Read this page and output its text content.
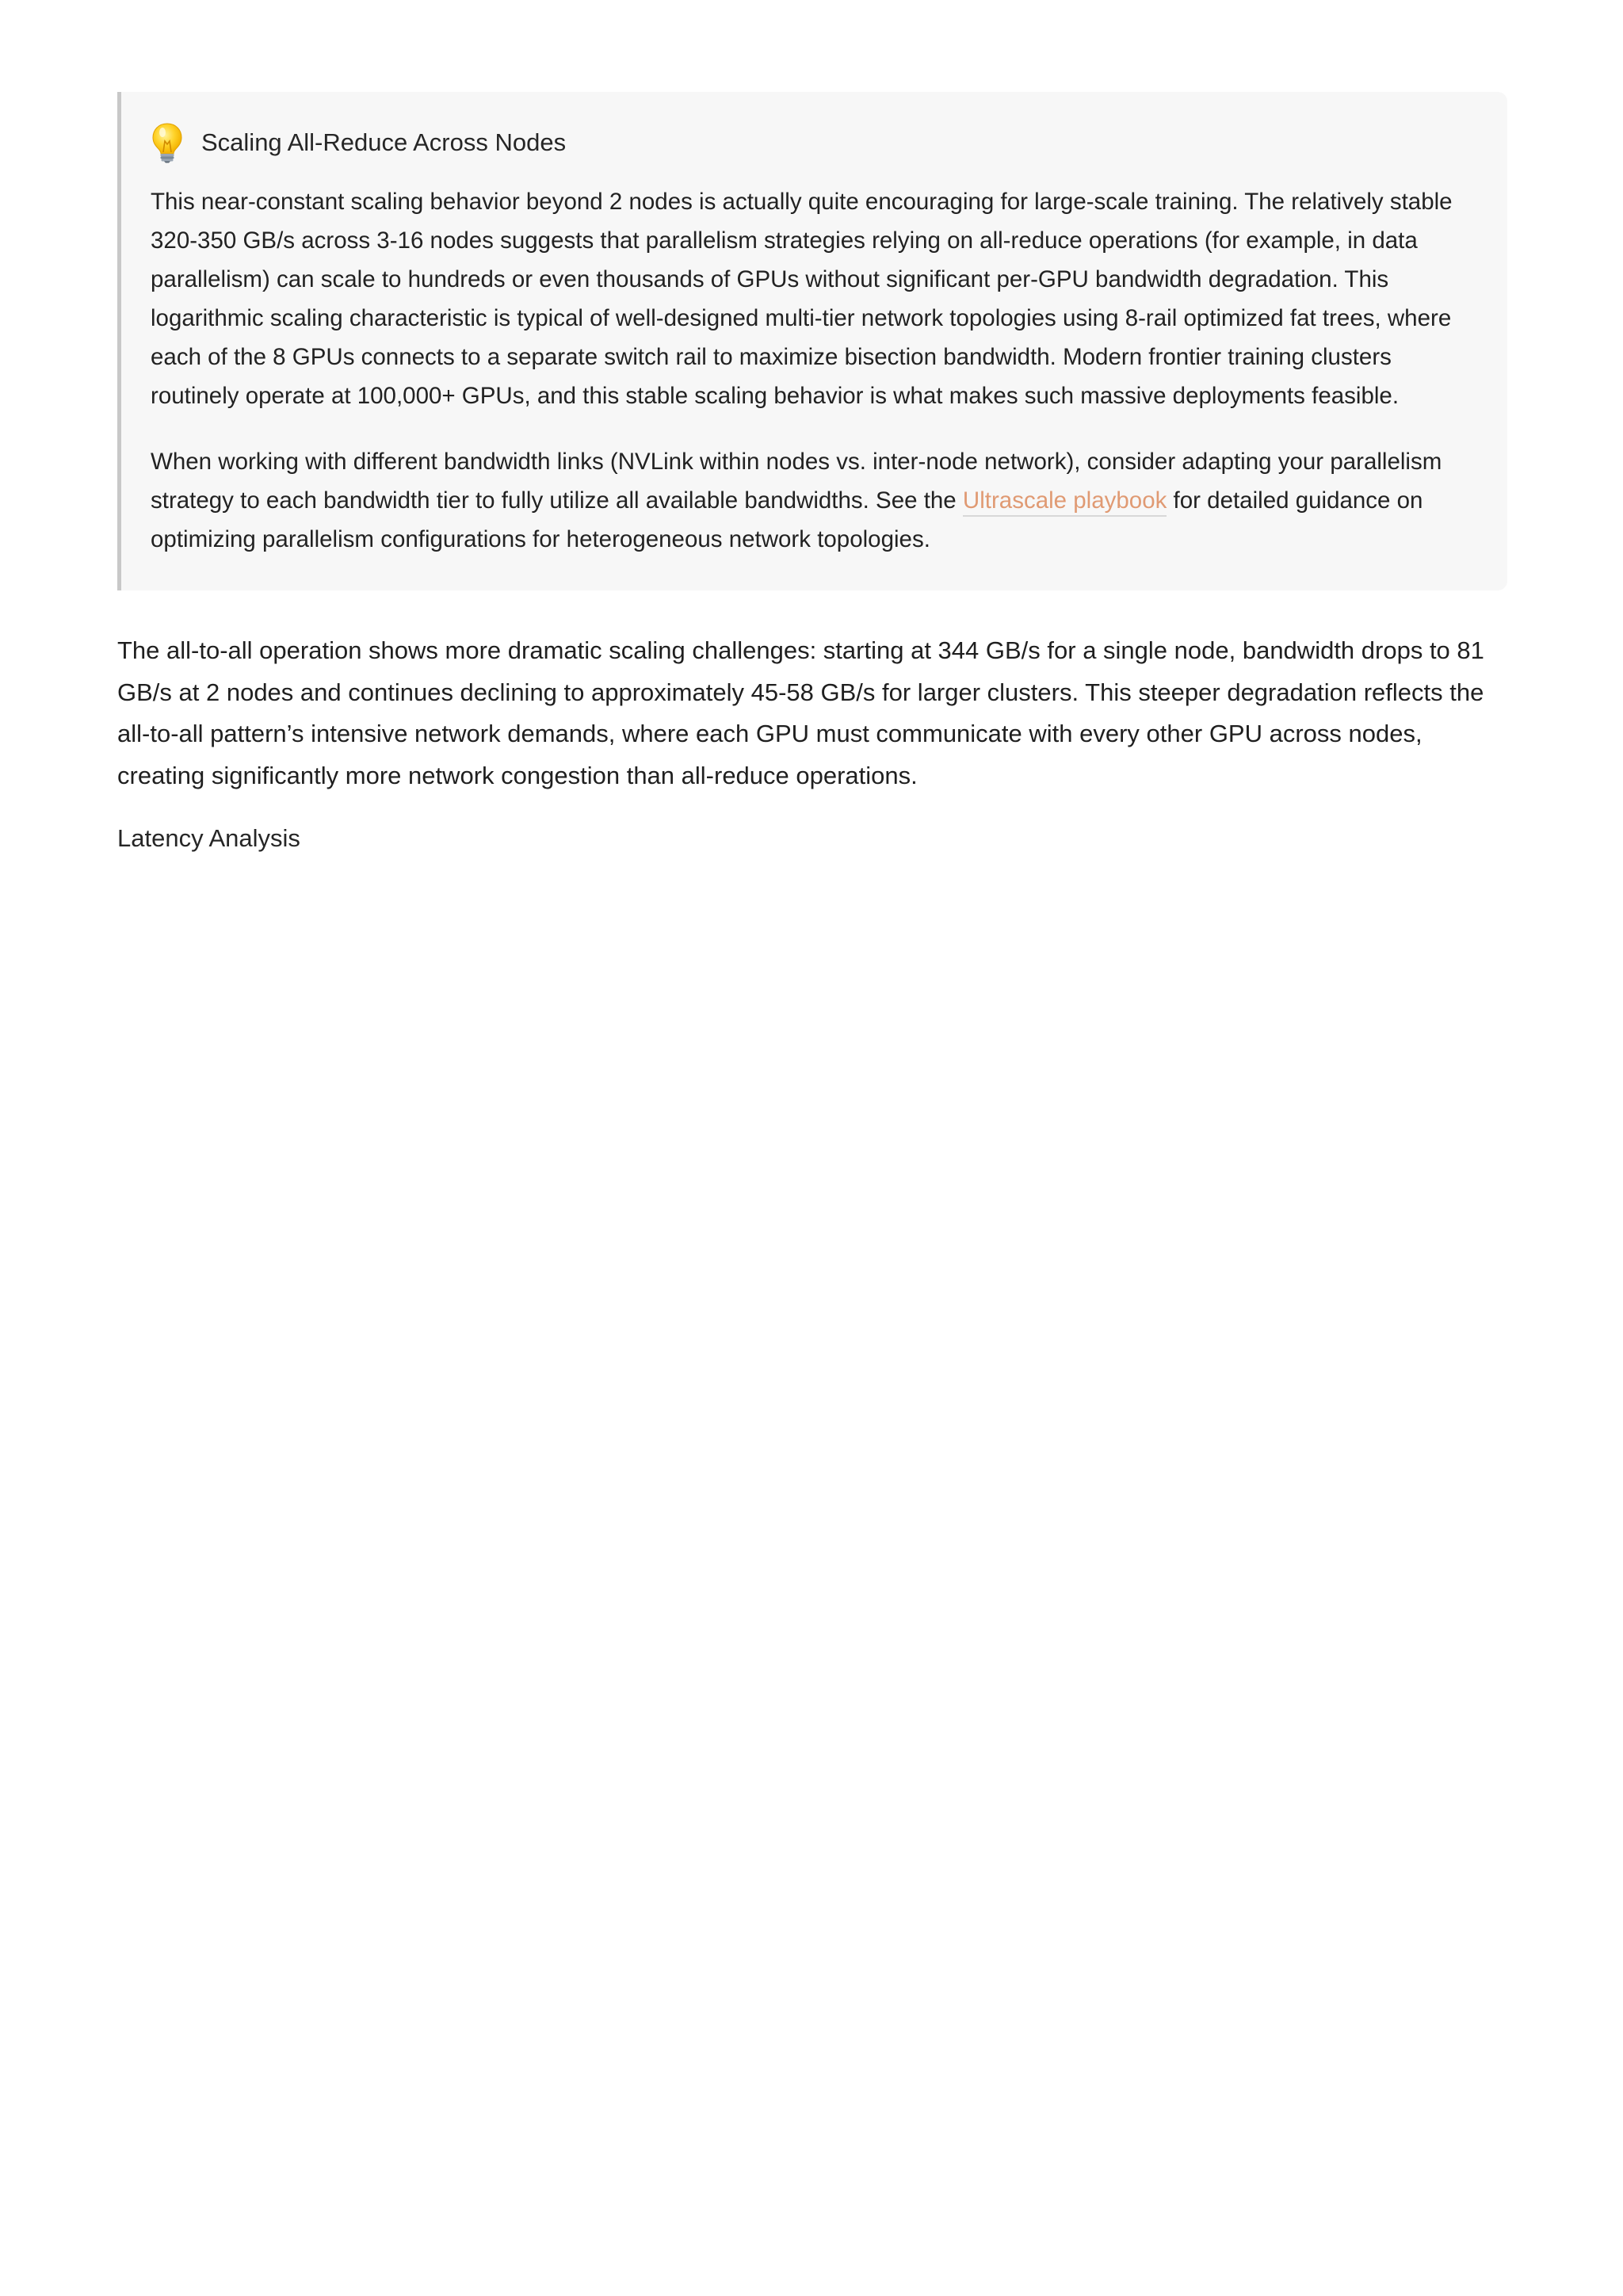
Scaling All-Reduce Across Nodes

This near-constant scaling behavior beyond 2 nodes is actually quite encouraging for large-scale training. The relatively stable 320-350 GB/s across 3-16 nodes suggests that parallelism strategies relying on all-reduce operations (for example, in data parallelism) can scale to hundreds or even thousands of GPUs without significant per-GPU bandwidth degradation. This logarithmic scaling characteristic is typical of well-designed multi-tier network topologies using 8-rail optimized fat trees, where each of the 8 GPUs connects to a separate switch rail to maximize bisection bandwidth. Modern frontier training clusters routinely operate at 100,000+ GPUs, and this stable scaling behavior is what makes such massive deployments feasible.

When working with different bandwidth links (NVLink within nodes vs. inter-node network), consider adapting your parallelism strategy to each bandwidth tier to fully utilize all available bandwidths. See the Ultrascale playbook for detailed guidance on optimizing parallelism configurations for heterogeneous network topologies.

The all-to-all operation shows more dramatic scaling challenges: starting at 344 GB/s for a single node, bandwidth drops to 81 GB/s at 2 nodes and continues declining to approximately 45-58 GB/s for larger clusters. This steeper degradation reflects the all-to-all pattern’s intensive network demands, where each GPU must communicate with every other GPU across nodes, creating significantly more network congestion than all-reduce operations.

Latency Analysis
